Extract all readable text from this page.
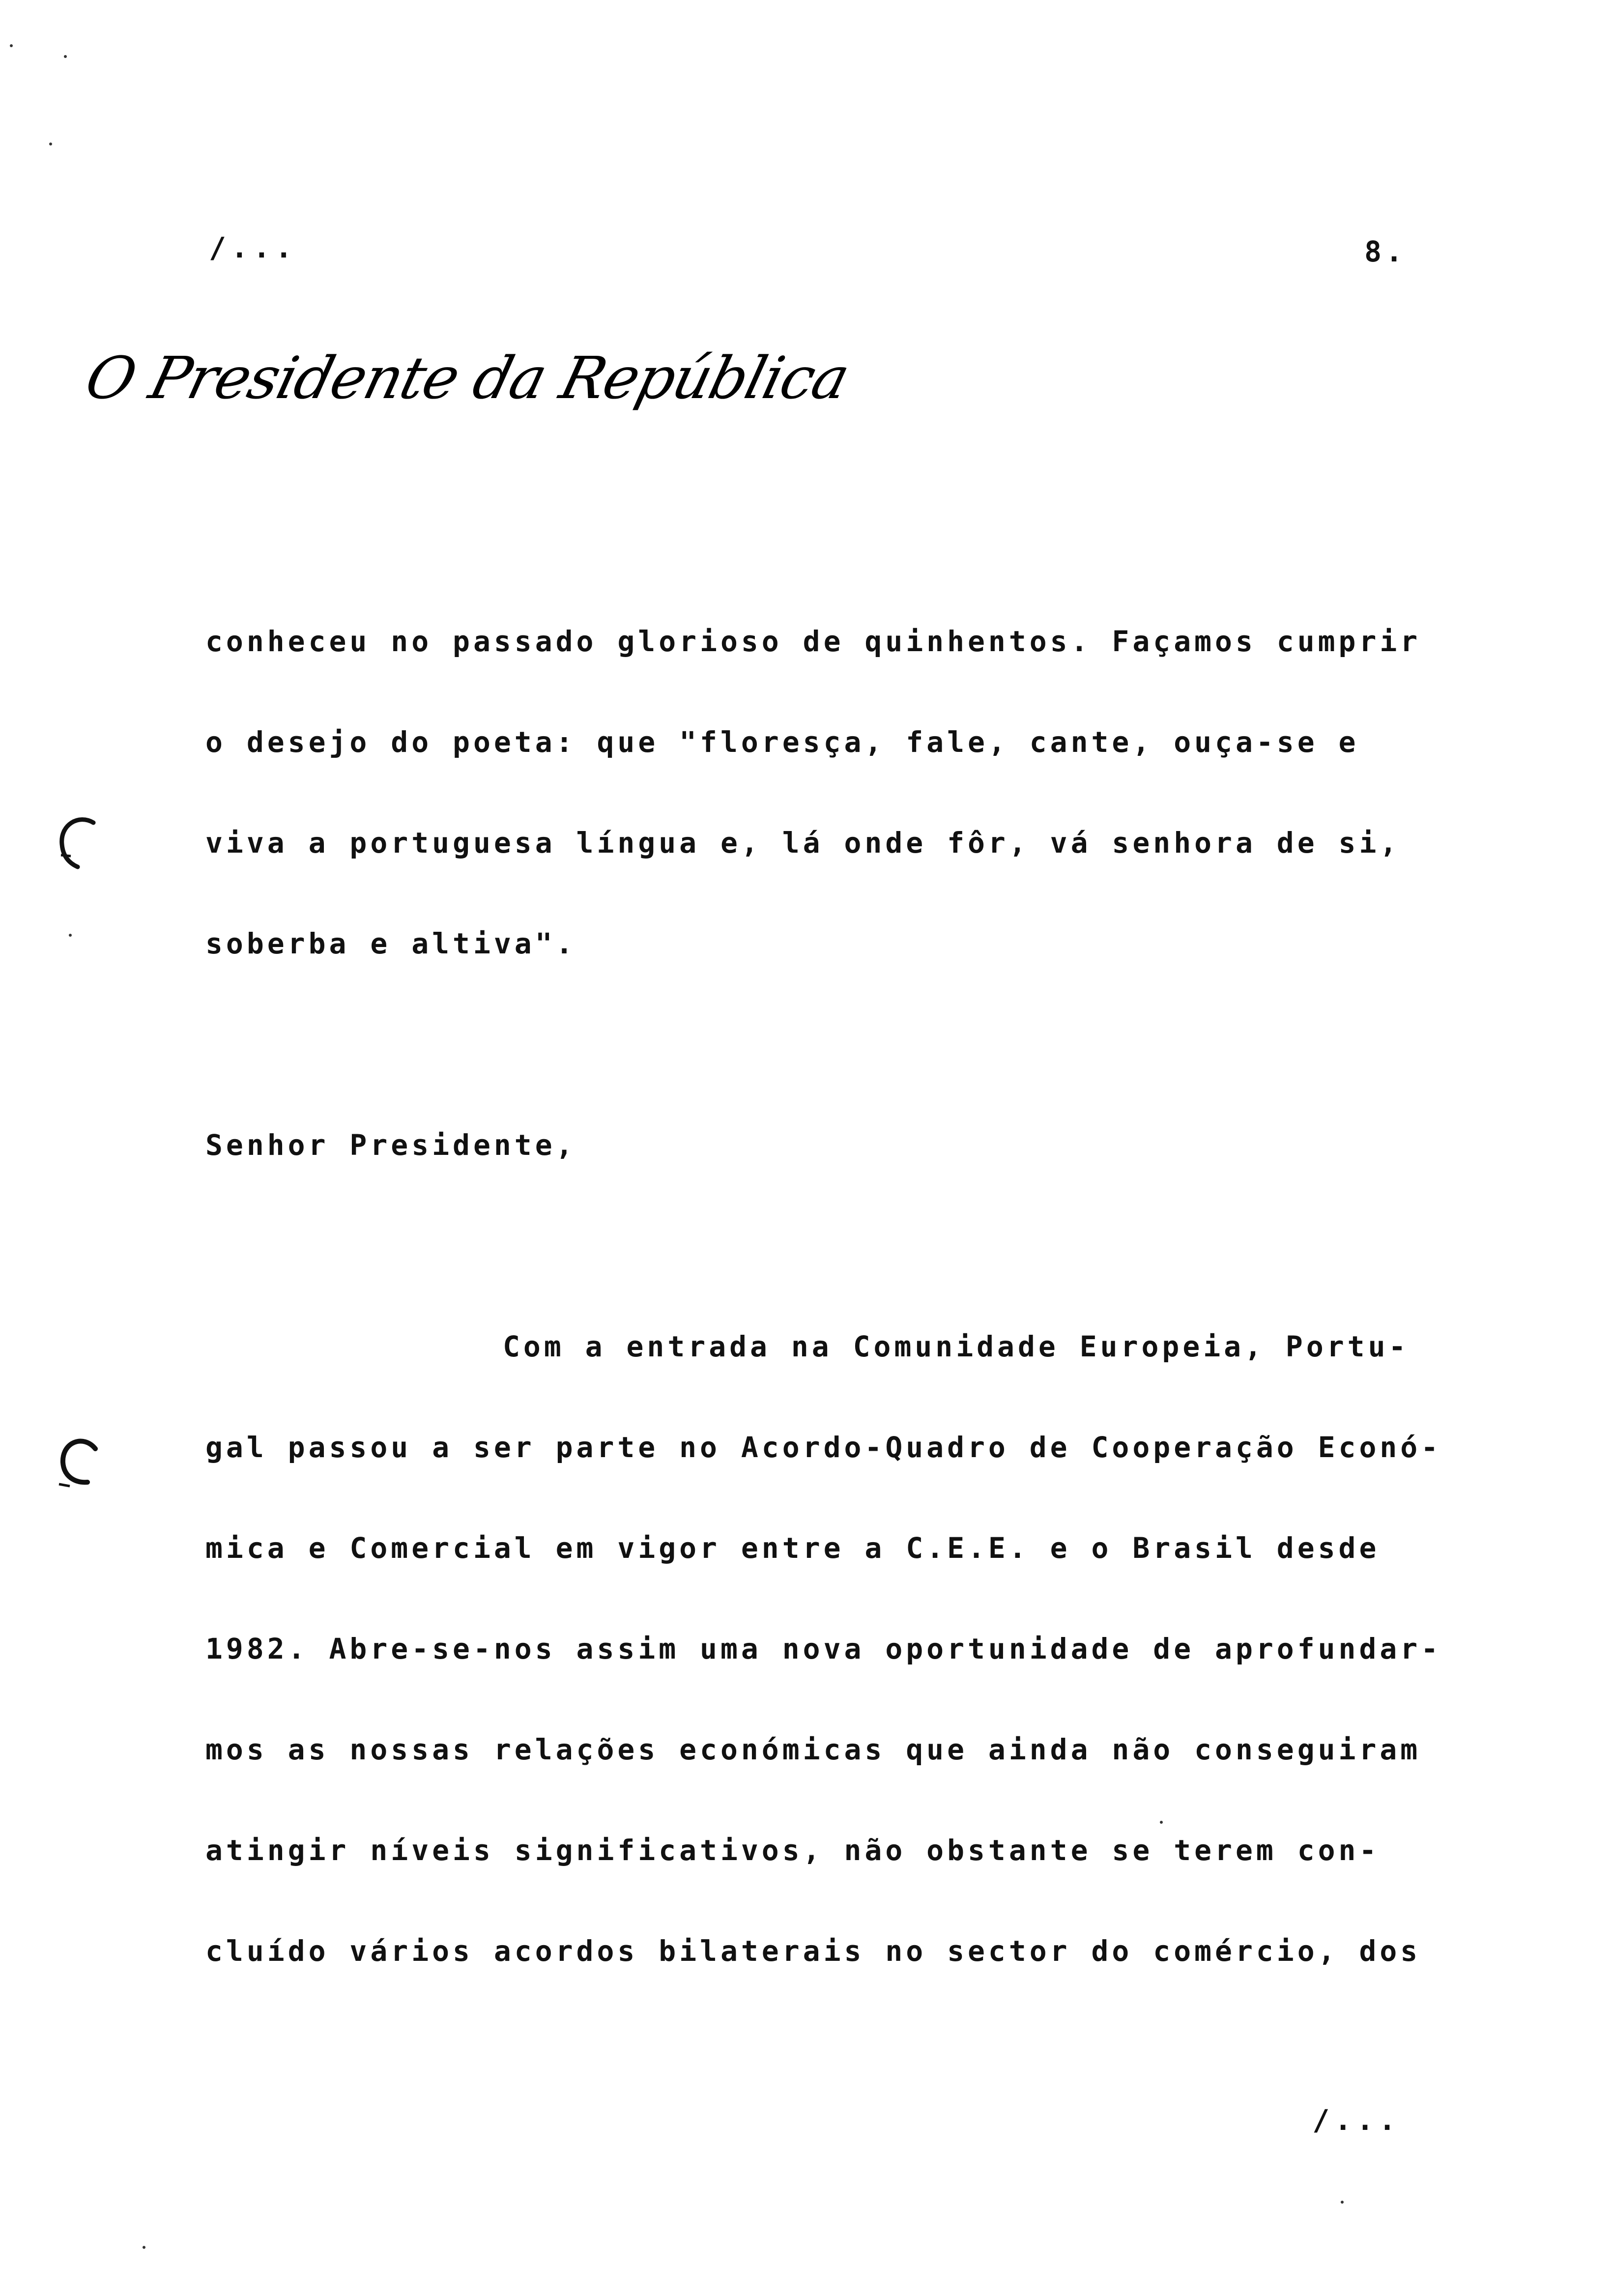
/...	8.
O Presidente da República
conheceu no passado glorioso de quinhentos. Façamos cumprir
o desejo do poeta: que "floresça, fale, cante, ouça-se e
viva a portuguesa língua e, lá onde fôr, vá senhora de si,
soberba e altiva".
Senhor Presidente,
Com a entrada na Comunidade Europeia, Portu-
gal passou a ser parte no Acordo-Quadro de Cooperação Econó-
mica e Comercial em vigor entre a C.E.E. e o Brasil desde
1982. Abre-se-nos assim uma nova oportunidade de aprofundar-
mos as nossas relações económicas que ainda não conseguiram
atingir níveis significativos, não obstante se terem con-
cluído vários acordos bilaterais no sector do comércio, dos
/...
